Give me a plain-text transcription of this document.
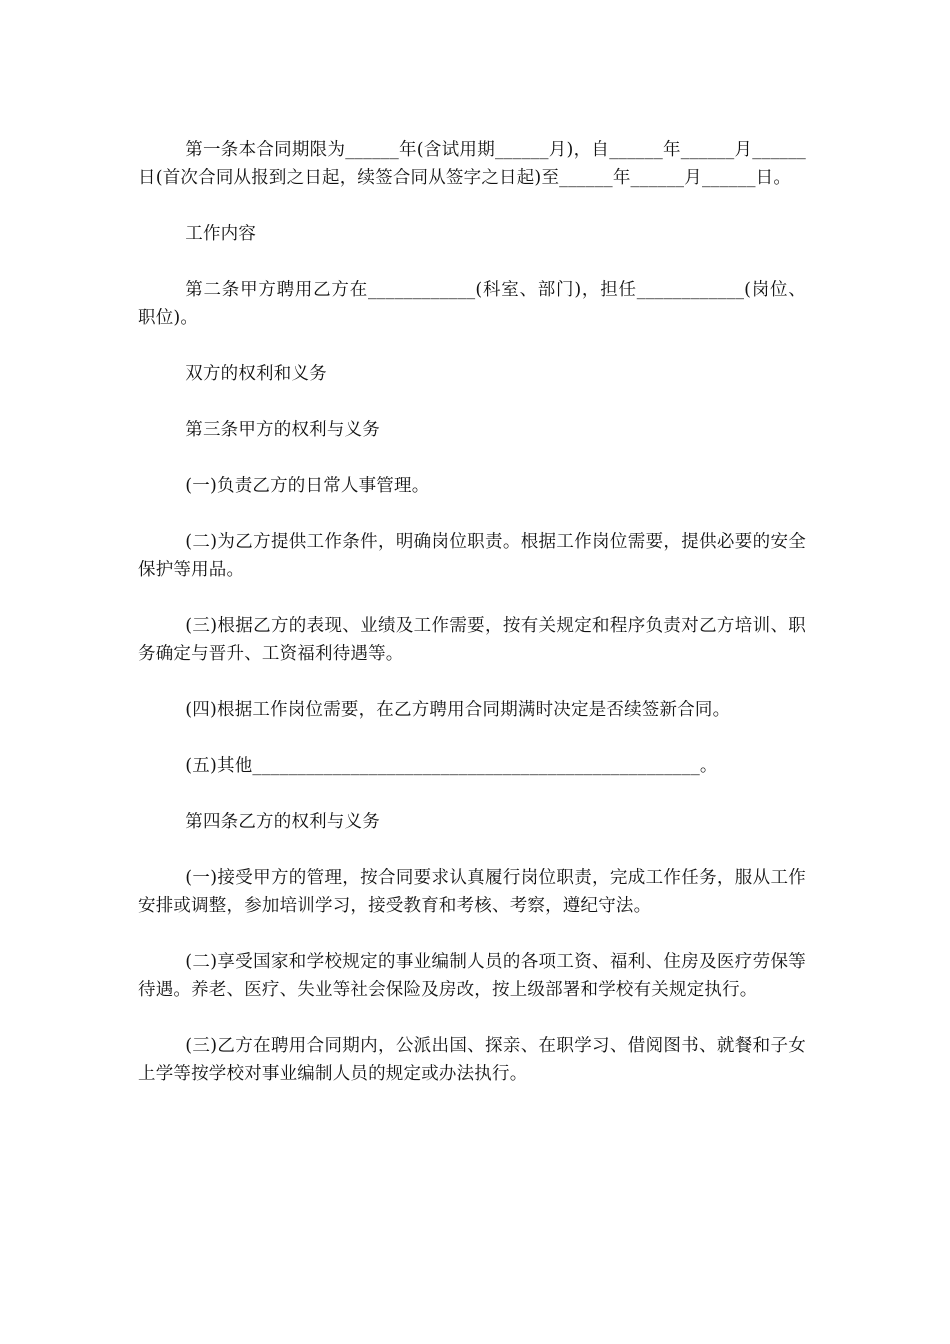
第一条本合同期限为______年(含试用期______月)，自______年______月______日(首次合同从报到之日起，续签合同从签字之日起)至______年______月______日。

工作内容

第二条甲方聘用乙方在____________(科室、部门)，担任____________(岗位、职位)。

双方的权利和义务

第三条甲方的权利与义务

(一)负责乙方的日常人事管理。

(二)为乙方提供工作条件，明确岗位职责。根据工作岗位需要，提供必要的安全保护等用品。

(三)根据乙方的表现、业绩及工作需要，按有关规定和程序负责对乙方培训、职务确定与晋升、工资福利待遇等。

(四)根据工作岗位需要，在乙方聘用合同期满时决定是否续签新合同。

(五)其他__________________________________________________。

第四条乙方的权利与义务

(一)接受甲方的管理，按合同要求认真履行岗位职责，完成工作任务，服从工作安排或调整，参加培训学习，接受教育和考核、考察，遵纪守法。

(二)享受国家和学校规定的事业编制人员的各项工资、福利、住房及医疗劳保等待遇。养老、医疗、失业等社会保险及房改，按上级部署和学校有关规定执行。

(三)乙方在聘用合同期内，公派出国、探亲、在职学习、借阅图书、就餐和子女上学等按学校对事业编制人员的规定或办法执行。
